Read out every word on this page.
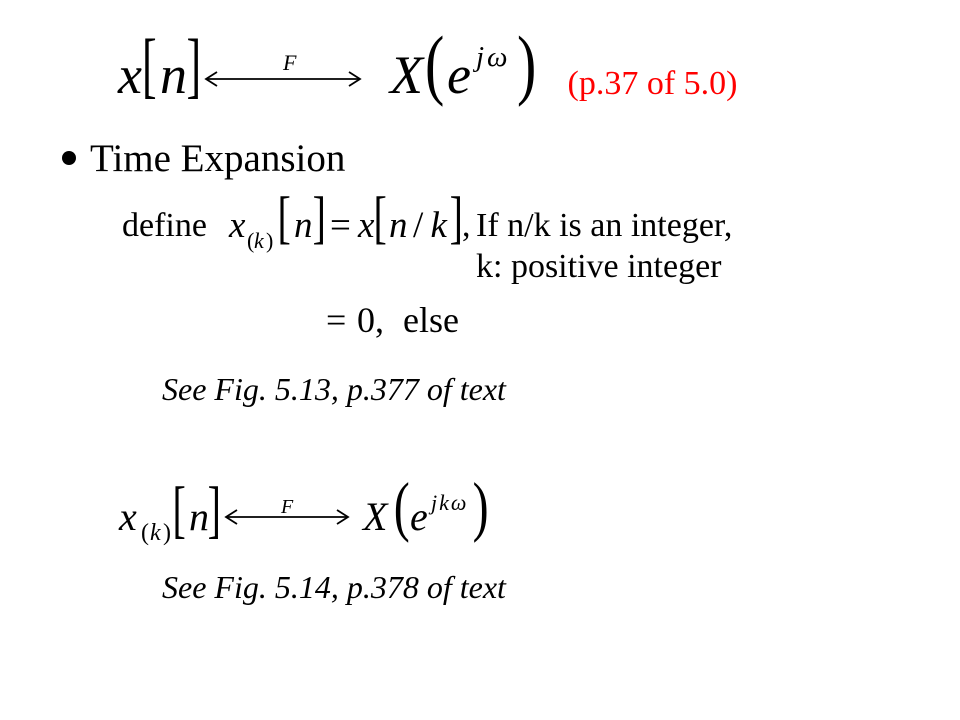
x [ n ]	F X ( e jω ) (p.37 of 5.0)
Time Expansion
define x ( k ) [ n ] = x [ n / k ] , If n/k is an integer,
k: positive integer
= 0, else
See Fig. 5.13, p.377 of text
x ( k ) [ n
]	F X ( e jkω )
See Fig. 5.14, p.378 of text
